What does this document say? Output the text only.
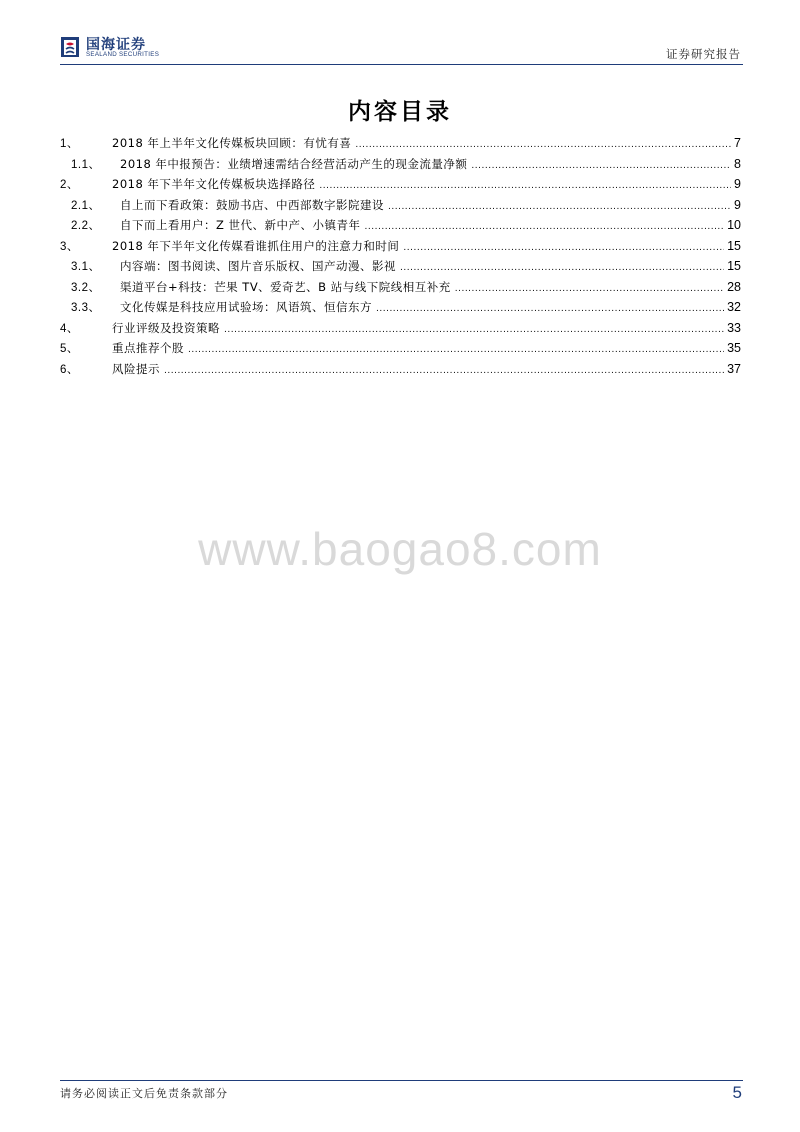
国海证券
SEALAND SECURITIES	证券研究报告
内容目录
1、	2018 年上半年文化传媒板块回顾：有忧有喜 .....	7
1.1、	2018 年中报预告：业绩增速需结合经营活动产生的现金流量净额 .....	8
2、	2018 年下半年文化传媒板块选择路径 .....	9
2.1、	自上而下看政策：鼓励书店、中西部数字影院建设 .....	9
2.2、	自下而上看用户：Z 世代、新中产、小镇青年 .....	10
3、	2018 年下半年文化传媒看谁抓住用户的注意力和时间 .....	15
3.1、	内容端：图书阅读、图片音乐版权、国产动漫、影视 .....	15
3.2、	渠道平台+科技：芒果 TV、爱奇艺、B 站与线下院线相互补充 .....	28
3.3、	文化传媒是科技应用试验场：风语筑、恒信东方 .....	32
4、	行业评级及投资策略 .....	33
5、	重点推荐个股 .....	35
6、	风险提示 .....	37
www.baogao8.com
请务必阅读正文后免责条款部分	5
